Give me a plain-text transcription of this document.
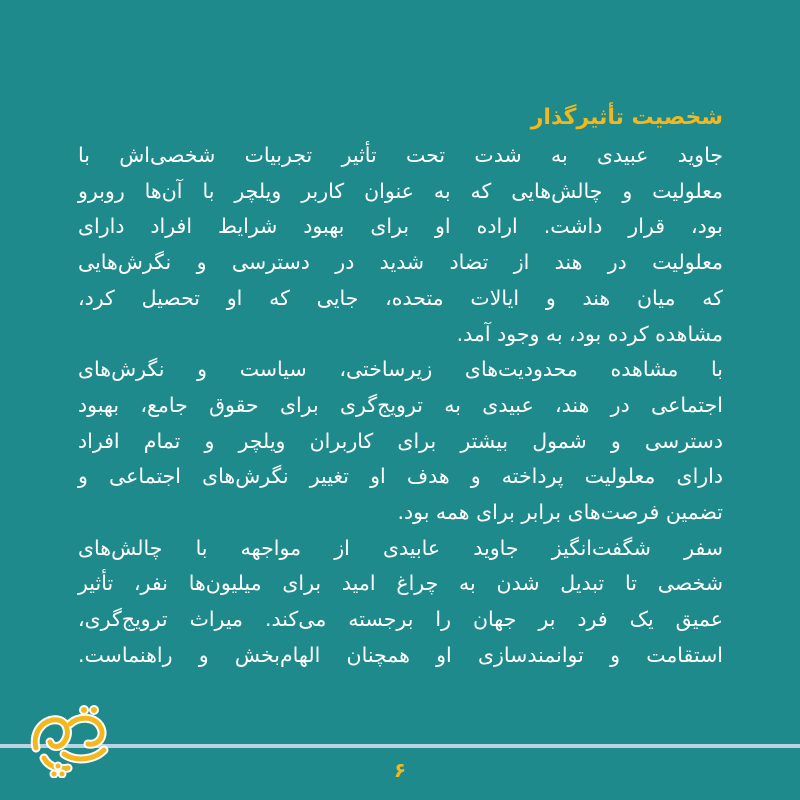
شخصیت تأثیرگذار
جاوید عبیدی به شدت تحت تأثیر تجربیات شخصی‌اش با
معلولیت و چالش‌هایی که به عنوان کاربر ویلچر با آن‌ها روبرو
بود، قرار داشت. اراده او برای بهبود شرایط افراد دارای
معلولیت در هند از تضاد شدید در دسترسی و نگرش‌هایی
که میان هند و ایالات متحده، جایی که او تحصیل کرد،
مشاهده کرده بود، به وجود آمد.
با مشاهده محدودیت‌های زیرساختی، سیاست و نگرش‌های
اجتماعی در هند، عبیدی به ترویج‌گری برای حقوق جامع، بهبود
دسترسی و شمول بیشتر برای کاربران ویلچر و تمام افراد
دارای معلولیت پرداخته و هدف او تغییر نگرش‌های اجتماعی و
تضمین فرصت‌های برابر برای همه بود.
سفر شگفت‌انگیز جاوید عابیدی از مواجهه با چالش‌های
شخصی تا تبدیل شدن به چراغ امید برای میلیون‌ها نفر، تأثیر
عمیق یک فرد بر جهان را برجسته می‌کند. میراث ترویج‌گری،
استقامت و توانمندسازی او همچنان الهام‌بخش و راهنماست.
۶
